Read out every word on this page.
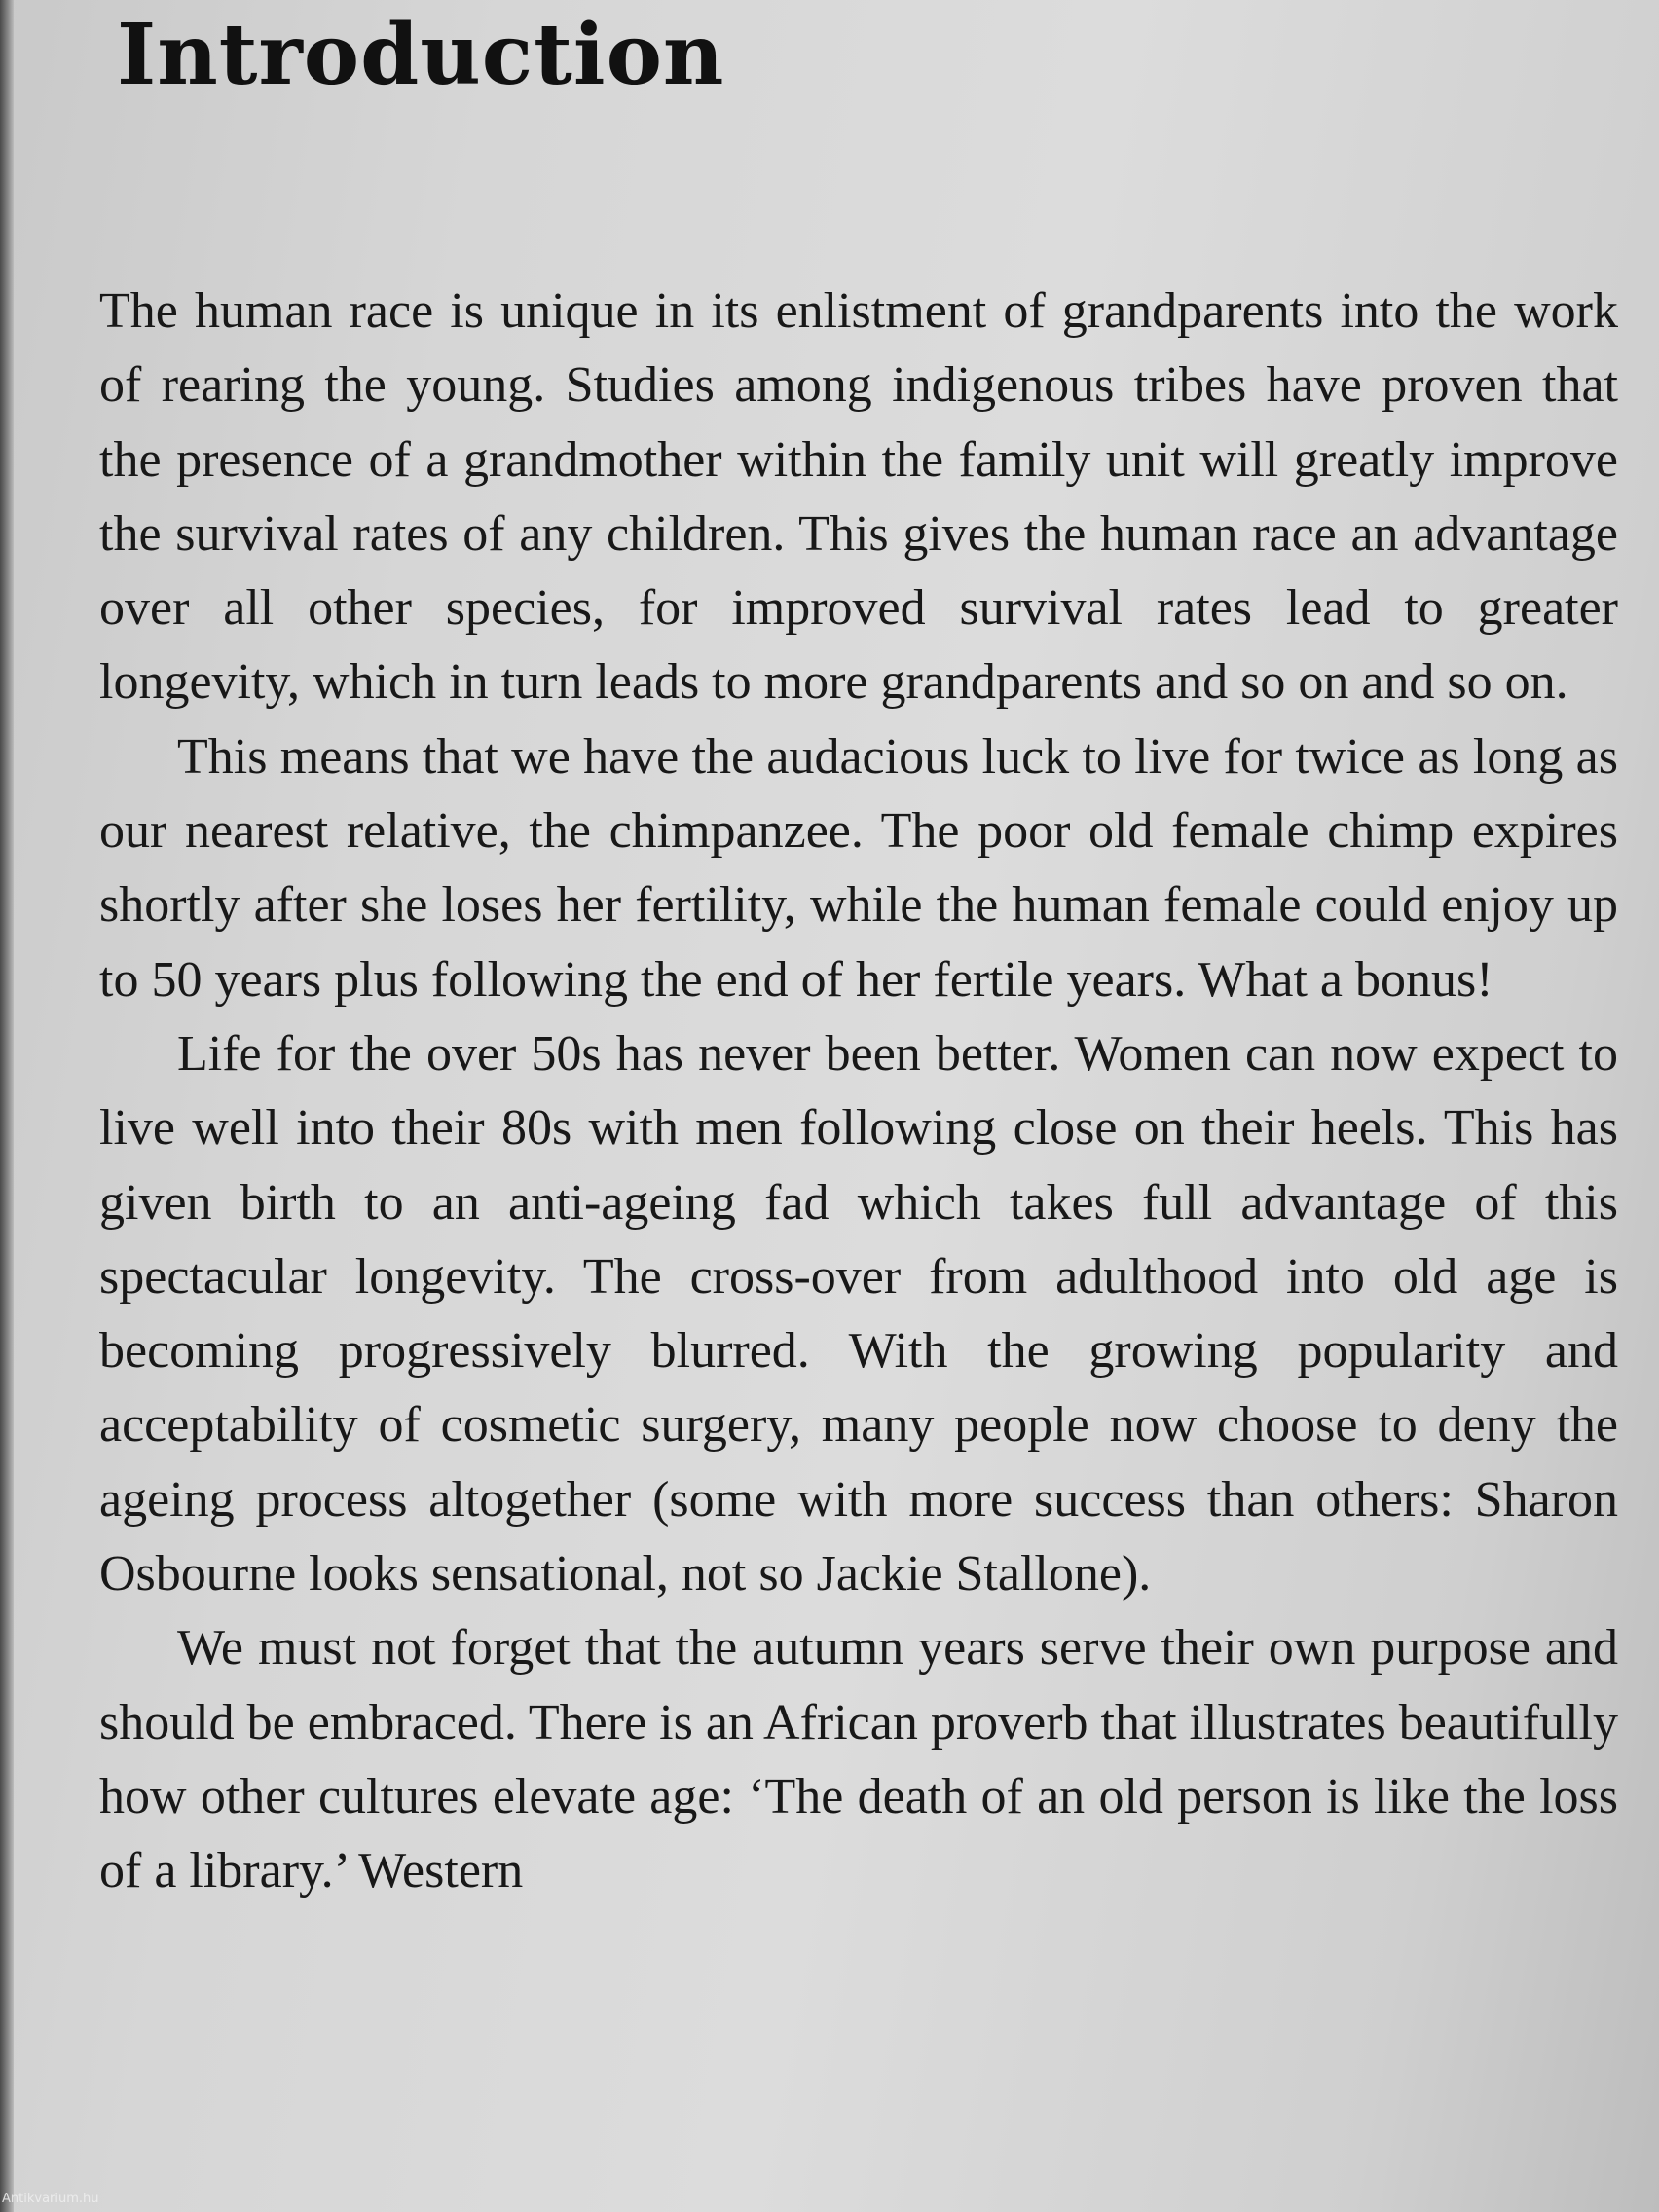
Introduction

The human race is unique in its enlistment of grandparents into the work of rearing the young. Studies among indigenous tribes have proven that the presence of a grandmother within the family unit will greatly improve the survival rates of any children. This gives the human race an advantage over all other species, for improved survival rates lead to greater longevity, which in turn leads to more grandparents and so on and so on.

This means that we have the audacious luck to live for twice as long as our nearest relative, the chimpanzee. The poor old female chimp expires shortly after she loses her fertility, while the human female could enjoy up to 50 years plus following the end of her fertile years. What a bonus!

Life for the over 50s has never been better. Women can now expect to live well into their 80s with men following close on their heels. This has given birth to an anti-ageing fad which takes full advantage of this spectacular longevity. The cross-over from adulthood into old age is becoming progressively blurred. With the growing popularity and acceptability of cosmetic surgery, many people now choose to deny the ageing process altogether (some with more success than others: Sharon Osbourne looks sensational, not so Jackie Stallone).

We must not forget that the autumn years serve their own purpose and should be embraced. There is an African proverb that illustrates beautifully how other cultures elevate age: ‘The death of an old person is like the loss of a library.’ Western

Antikvarium.hu
